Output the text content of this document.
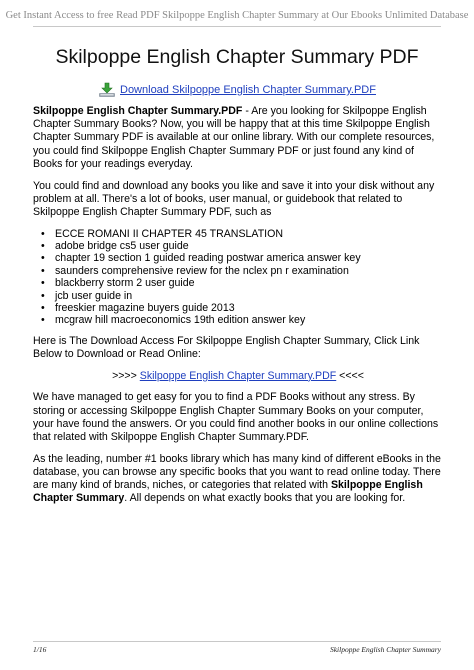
Get Instant Access to free Read PDF Skilpoppe English Chapter Summary at Our Ebooks Unlimited Database
Skilpoppe English Chapter Summary PDF
Download Skilpoppe English Chapter Summary.PDF

Skilpoppe English Chapter Summary.PDF - Are you looking for Skilpoppe English Chapter Summary Books? Now, you will be happy that at this time Skilpoppe English Chapter Summary PDF is available at our online library. With our complete resources, you could find Skilpoppe English Chapter Summary PDF or just found any kind of Books for your readings everyday.

You could find and download any books you like and save it into your disk without any problem at all. There's a lot of books, user manual, or guidebook that related to Skilpoppe English Chapter Summary PDF, such as

• ECCE ROMANI II CHAPTER 45 TRANSLATION
• adobe bridge cs5 user guide
• chapter 19 section 1 guided reading postwar america answer key
• saunders comprehensive review for the nclex pn r examination
• blackberry storm 2 user guide
• jcb user guide in
• freeskier magazine buyers guide 2013
• mcgraw hill macroeconomics 19th edition answer key

Here is The Download Access For Skilpoppe English Chapter Summary, Click Link Below to Download or Read Online:

>>>> Skilpoppe English Chapter Summary.PDF <<<<

We have managed to get easy for you to find a PDF Books without any stress. By storing or accessing Skilpoppe English Chapter Summary Books on your computer, your have found the answers. Or you could find another books in our online collections that related with Skilpoppe English Chapter Summary.PDF.

As the leading, number #1 books library which has many kind of different eBooks in the database, you can browse any specific books that you want to read online today. There are many kind of brands, niches, or categories that related with Skilpoppe English Chapter Summary. All depends on what exactly books that you are looking for.

1/16	Skilpoppe English Chapter Summary
